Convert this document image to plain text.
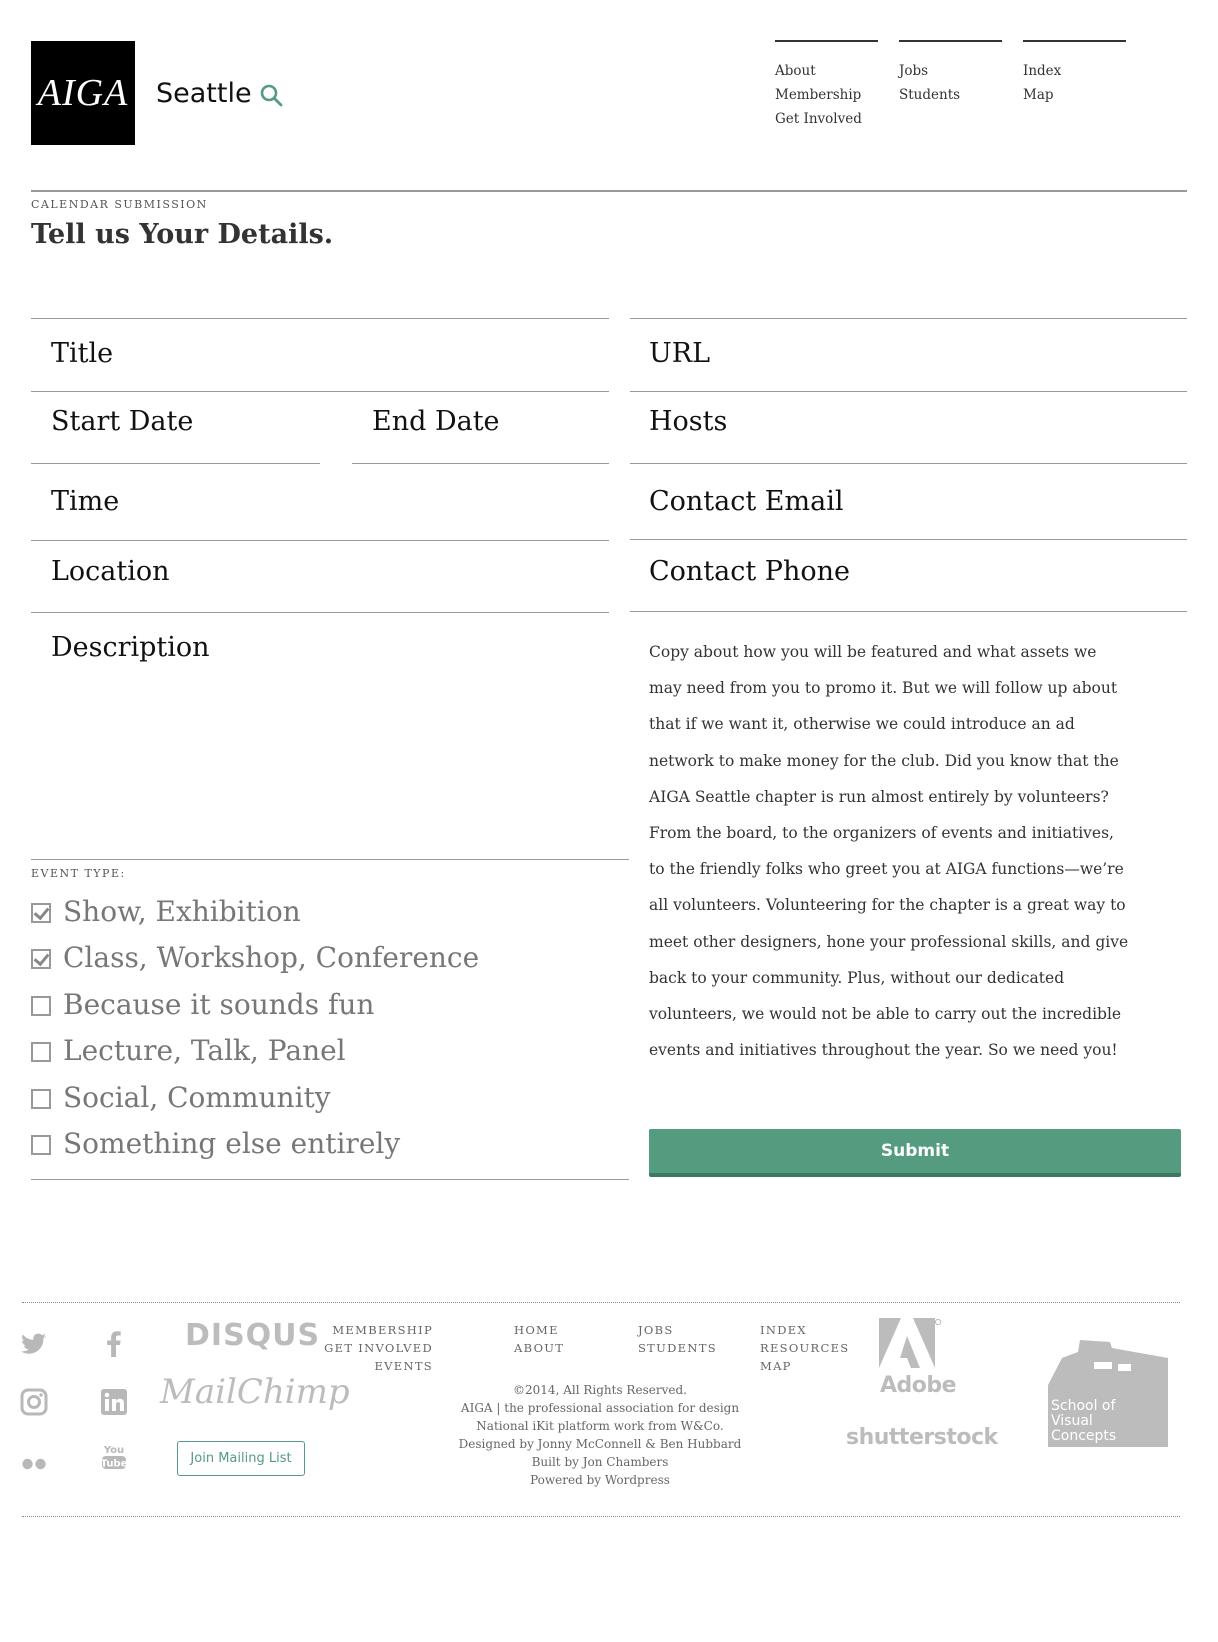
AIGA Seattle
About
Membership
Get Involved
Jobs
Students
Index
Map
CALENDAR SUBMISSION
Tell us Your Details.
Title
Start Date	End Date
Time
Location
Description
EVENT TYPE:
Show, Exhibition
Class, Workshop, Conference
Because it sounds fun
Lecture, Talk, Panel
Social, Community
Something else entirely
URL
Hosts
Contact Email
Contact Phone

Copy about how you will be featured and what assets we may need from you to promo it. But we will follow up about that if we want it, otherwise we could introduce an ad network to make money for the club. Did you know that the AIGA Seattle chapter is run almost entirely by volunteers? From the board, to the organizers of events and initiatives, to the friendly folks who greet you at AIGA functions—we’re all volunteers. Volunteering for the chapter is a great way to meet other designers, hone your professional skills, and give back to your community. Plus, without our dedicated volunteers, we would not be able to carry out the incredible events and initiatives throughout the year. So we need you!

Submit
You
Tube
DISQUS
MailChimp
Join Mailing List
MEMBERSHIP
GET INVOLVED
EVENTS
HOME
ABOUT
JOBS
STUDENTS
INDEX
RESOURCES
MAP
©2014, All Rights Reserved.
AIGA | the professional association for design
National iKit platform work from W&Co.
Designed by Jonny McConnell & Ben Hubbard
Built by Jon Chambers
Powered by Wordpress
Adobe
shutterstock
School of
Visual
Concepts
